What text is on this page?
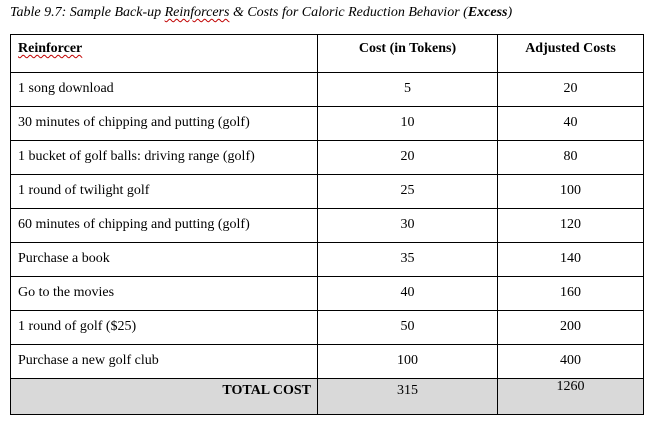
Table 9.7: Sample Back-up Reinforcers & Costs for Caloric Reduction Behavior (Excess)
Reinforcer	Cost (in Tokens)	Adjusted Costs
1 song download	5	20
30 minutes of chipping and putting (golf)	10	40
1 bucket of golf balls: driving range (golf)	20	80
1 round of twilight golf	25	100
60 minutes of chipping and putting (golf)	30	120
Purchase a book	35	140
Go to the movies	40	160
1 round of golf ($25)	50	200
Purchase a new golf club	100	400
TOTAL COST	315	1260
